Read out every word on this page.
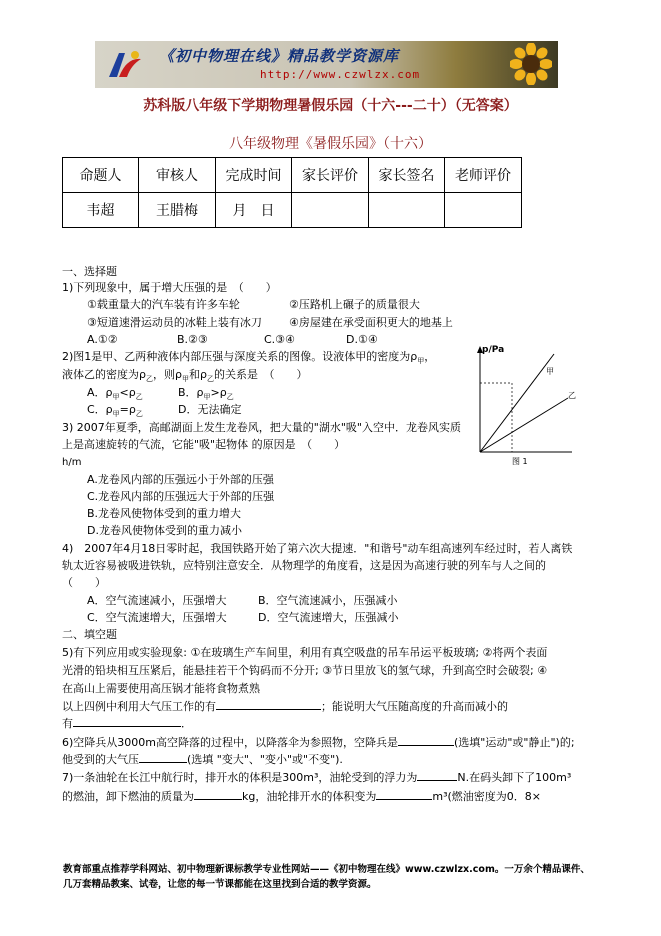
《初中物理在线》精品教学资源库
http://www.czwlzx.com
苏科版八年级下学期物理暑假乐园（十六---二十）（无答案）
八年级物理《暑假乐园》（十六）
命题人	审核人	完成时间	家长评价	家长签名	老师评价
韦超	王腊梅	月　日			
一、选择题
1)下列现象中，属于增大压强的是　（　　）
①载重量大的汽车装有许多车轮	②压路机上碾子的质量很大
③短道速滑运动员的冰鞋上装有冰刀 ④房屋建在承受面积更大的地基上
A.①②	B.②③	C.③④	D.①④
2)图1是甲、乙两种液体内部压强与深度关系的图像。设液体甲的密度为$\rho_甲$，
液体乙的密度为$\rho_乙$，则$\rho_甲$和$\rho_乙$的关系是　（　　）
A．$\rho_甲<\rho_乙$	B．$\rho_甲>\rho_乙$
C．$\rho_甲=\rho_乙$	D．无法确定
p/Pa
甲
乙
图 1
3) 2007年夏季，高邮湖面上发生龙卷风，把大量的"湖水"吸"入空中．龙卷风实质
上是高速旋转的气流，它能"吸"起物体 的原因是　（　　）
h/m
A.龙卷风内部的压强远小于外部的压强
C.龙卷风内部的压强远大于外部的压强
B.龙卷风使物体受到的重力增大
D.龙卷风使物体受到的重力减小
4)　2007年4月18日零时起，我国铁路开始了第六次大提速．"和谐号"动车组高速列车经过时，若人离铁
轨太近容易被吸进铁轨，应特别注意安全．从物理学的角度看，这是因为高速行驶的列车与人之间的
（　　）
A．空气流速减小，压强增大	B．空气流速减小，压强减小
C．空气流速增大，压强增大	D．空气流速增大，压强减小
二、填空题
5)有下列应用或实验现象: ①在玻璃生产车间里，利用有真空吸盘的吊车吊运平板玻璃; ②将两个表面
光滑的铅块相互压紧后，能悬挂若干个钩码而不分开; ③节日里放飞的氢气球，升到高空时会破裂; ④
在高山上需要使用高压锅才能将食物煮熟
以上四例中利用大气压工作的有	；能说明大气压随高度的升高而减小的
有	．
6)空降兵从3000m高空降落的过程中，以降落伞为参照物，空降兵是	(选填"运动"或"静止")的;
他受到的大气压	(选填 "变大"、"变小"或"不变").
7)一条油轮在长江中航行时，排开水的体积是300m³，油轮受到的浮力为	N.在码头卸下了100m³
的燃油，卸下燃油的质量为	kg，油轮排开水的体积变为	m³(燃油密度为0．8×
教育部重点推荐学科网站、初中物理新课标教学专业性网站——《初中物理在线》www.czwlzx.com。一万余个精品课件、
几万套精品教案、试卷，让您的每一节课都能在这里找到合适的教学资源。
